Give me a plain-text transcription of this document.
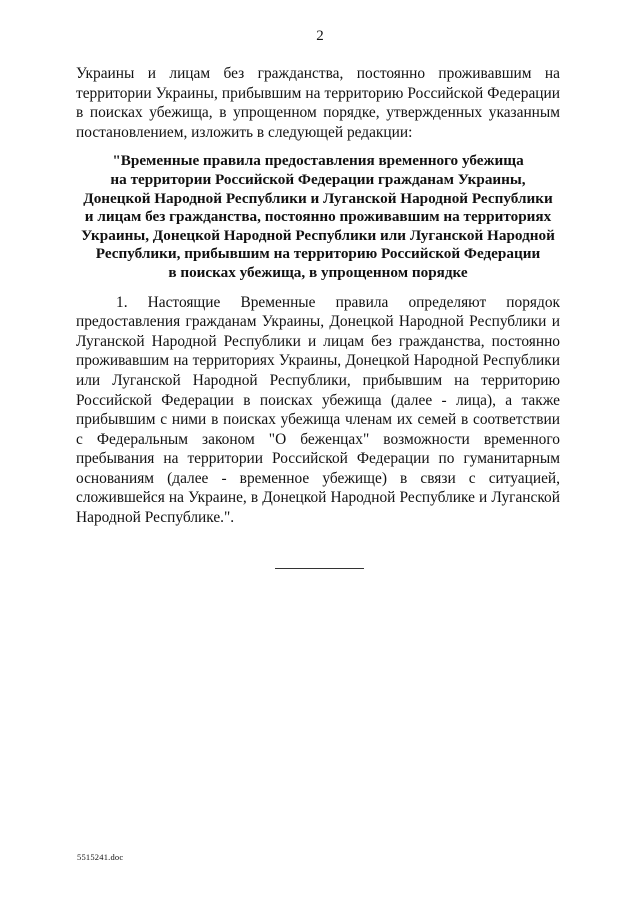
2

Украины и лицам без гражданства, постоянно проживавшим на территории Украины, прибывшим на территорию Российской Федерации в поисках убежища, в упрощенном порядке, утвержденных указанным постановлением, изложить в следующей редакции:

"Временные правила предоставления временного убежища
на территории Российской Федерации гражданам Украины,
Донецкой Народной Республики и Луганской Народной Республики
и лицам без гражданства, постоянно проживавшим на территориях
Украины, Донецкой Народной Республики или Луганской Народной
Республики, прибывшим на территорию Российской Федерации
в поисках убежища, в упрощенном порядке

1. Настоящие Временные правила определяют порядок предоставления гражданам Украины, Донецкой Народной Республики и Луганской Народной Республики и лицам без гражданства, постоянно проживавшим на территориях Украины, Донецкой Народной Республики или Луганской Народной Республики, прибывшим на территорию Российской Федерации в поисках убежища (далее - лица), а также прибывшим с ними в поисках убежища членам их семей в соответствии с Федеральным законом "О беженцах" возможности временного пребывания на территории Российской Федерации по гуманитарным основаниям (далее - временное убежище) в связи с ситуацией, сложившейся на Украине, в Донецкой Народной Республике и Луганской Народной Республике.".

5515241.doc
